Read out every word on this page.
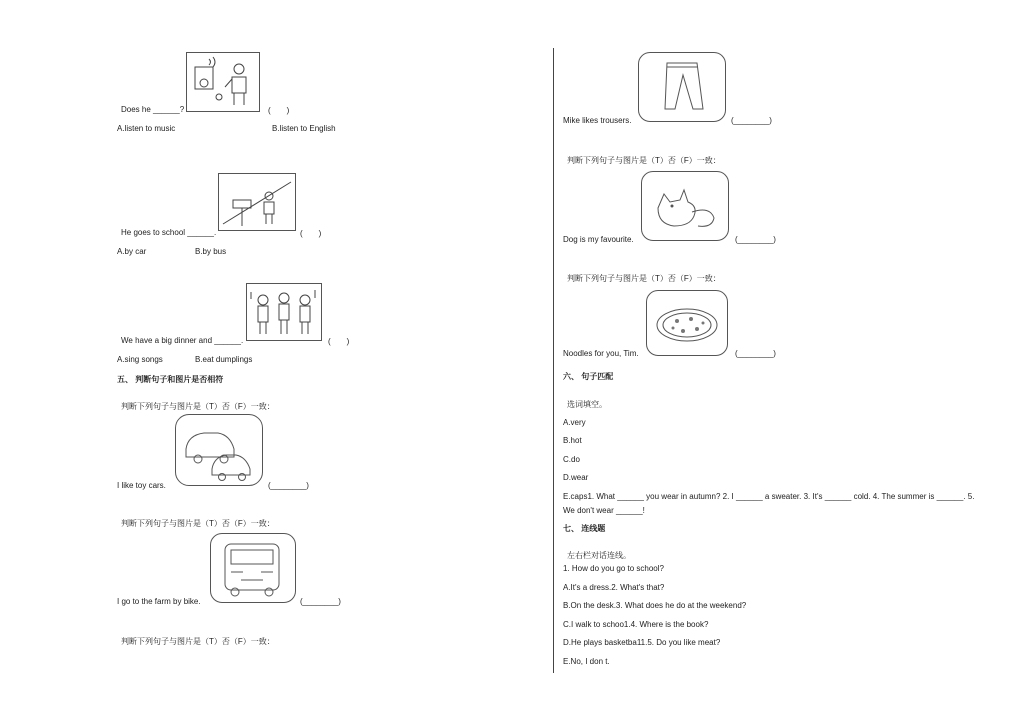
Does he ______?	(　　)
A.listen to music	B.listen to English
He goes to school ______.	(　　)
A.by car	B.by bus
We have a big dinner and ______.	(　　)
A.sing songs	B.eat dumplings
五、 判断句子和图片是否相符
判断下列句子与图片是（T）否（F）一致：
I like toy cars.	(________)
判断下列句子与图片是（T）否（F）一致：
I go to the farm by bike.	(________)
判断下列句子与图片是（T）否（F）一致：
Mike likes trousers.	(________)
判断下列句子与图片是（T）否（F）一致：
Dog is my favourite.	(________)
判断下列句子与图片是（T）否（F）一致：
Noodles for you, Tim.	(________)
六、 句子匹配
选词填空。
A.very
B.hot
C.do
D.wear
E.caps1. What ______ you wear in autumn? 2. I ______ a sweater. 3. It's ______ cold. 4. The summer is ______. 5.
We don't wear ______!
七、 连线题
左右栏对话连线。
1. How do you go to school?
A.It's a dress.2. What's that?
B.On the desk.3. What does he do at the weekend?
C.I walk to schoo1.4. Where is the book?
D.He plays basketba11.5. Do you like meat?
E.No, I don t.
